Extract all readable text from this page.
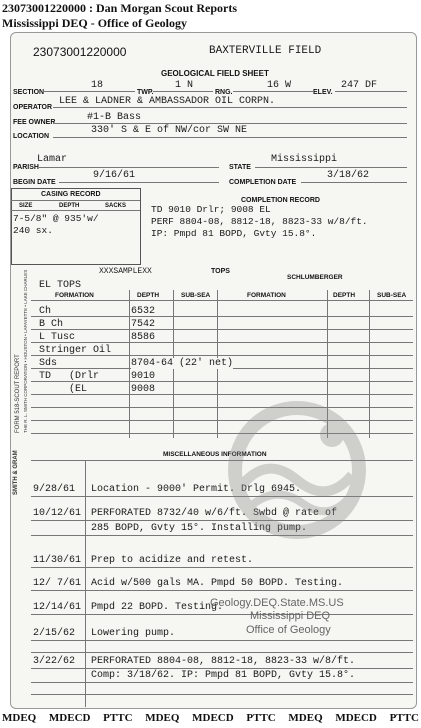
23073001220000 : Dan Morgan Scout Reports
Mississippi DEQ - Office of Geology
23073001220000	BAXTERVILLE FIELD
GEOLOGICAL FIELD SHEET
SECTION
18
TWP.
1 N
RNG.
16 W
ELEV.
247 DF
OPERATOR
LEE & LADNER & AMBASSADOR OIL CORPN.
FEE OWNER	#1-B Bass
LOCATION
330' S & E of NW/cor SW NE
PARISH
Lamar
STATE
Mississippi
BEGIN DATE
9/16/61
COMPLETION DATE
3/18/62
CASING RECORD
SIZE	DEPTH	SACKS
7-5/8" @ 935'w/
240 sx.
COMPLETION RECORD
TD 9010 Drlr; 9008 EL
PERF 8804-08, 8812-18, 8823-33 w/8/ft.
IP: Pmpd 81 BOPD, Gvty 15.8°.
TOPS
XXXSAMPLEXX
SCHLUMBERGER
EL TOPS
FORMATION	DEPTH	SUB-SEA	FORMATION	DEPTH	SUB-SEA
Ch	6532
B Ch	7542
L Tusc	8586
Stringer Oil
Sds	8704-64 (22' net)
TD   (Drlr	9010
(EL	9008
FORM 518-SCOUT REPORT THE R. L. SMITH CORPORATION • HOUSTON • LAFAYETTE • LAKE CHARLES
SMITH & GRAM	MISCELLANEOUS INFORMATION
9/28/61 Location - 9000' Permit. Drlg 6945.
10/12/61 PERFORATED 8732/40 w/6/ft. Swbd @ rate of
285 BOPD, Gvty 15°. Installing pump.
11/30/61 Prep to acidize and retest.
12/ 7/61 Acid w/500 gals MA. Pmpd 50 BOPD. Testing.
12/14/61 Pmpd 22 BOPD. Testing.
2/15/62 Lowering pump.
3/22/62 PERFORATED 8804-08, 8812-18, 8823-33 w/8/ft.
Comp: 3/18/62. IP: Pmpd 81 BOPD, Gvty 15.8°.
Geology.DEQ.State.MS.US
Mississippi DEQ
Office of Geology
MDEQ MDECD PTTC MDEQ MDECD PTTC MDEQ MDECD PTTC
